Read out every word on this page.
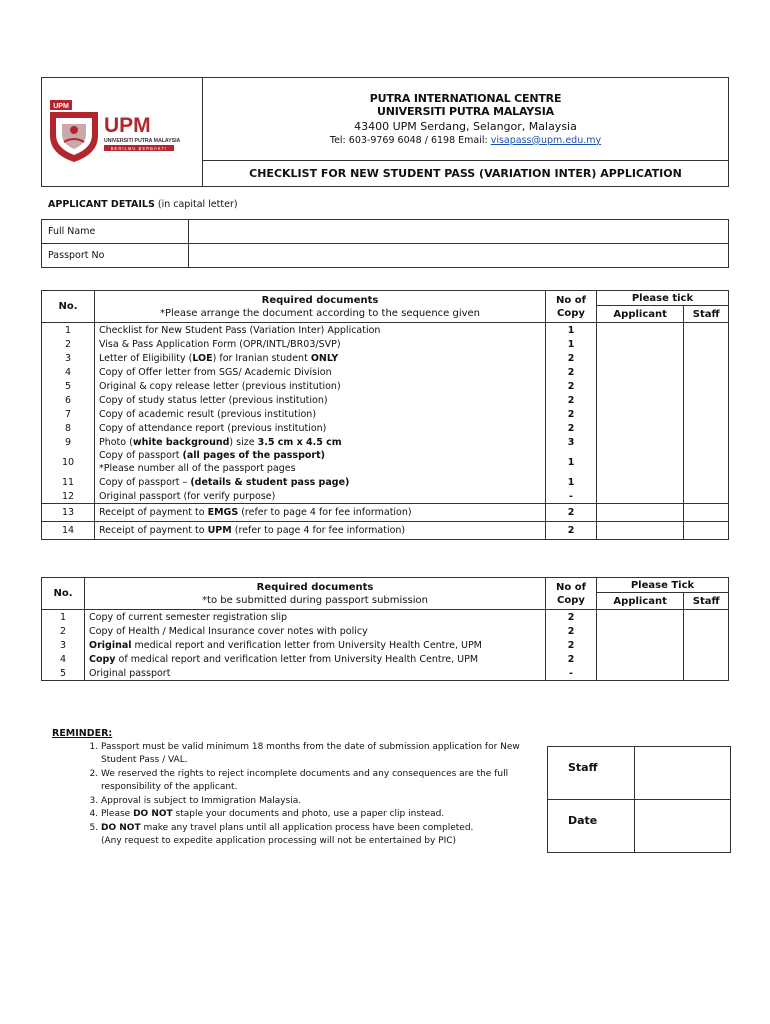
UPM
UPM
UNIVERSITI PUTRA MALAYSIA
BERILMU BERBAKTI

PUTRA INTERNATIONAL CENTRE
UNIVERSITI PUTRA MALAYSIA
43400 UPM Serdang, Selangor, Malaysia
Tel: 603-9769 6048 / 6198 Email: visapass@upm.edu.my

CHECKLIST FOR NEW STUDENT PASS (VARIATION INTER) APPLICATION
APPLICANT DETAILS (in capital letter)
Full Name	
Passport No	
No.	Required documents
*Please arrange the document according to the sequence given	No of Copy	Please tick	
			Applicant	Staff
1	Checklist for New Student Pass (Variation Inter) Application	1		
2	Visa & Pass Application Form (OPR/INTL/BR03/SVP)	1		
3	Letter of Eligibility (LOE) for Iranian student ONLY	2		
4	Copy of Offer letter from SGS/ Academic Division	2		
5	Original & copy release letter (previous institution)	2		
6	Copy of study status letter (previous institution)	2		
7	Copy of academic result (previous institution)	2		
8	Copy of attendance report (previous institution)	2		
9	Photo (white background) size 3.5 cm x 4.5 cm	3		
10	Copy of passport (all pages of the passport)
*Please number all of the passport pages	1		
11	Copy of passport – (details & student pass page)	1		
12	Original passport (for verify purpose)	-		
13	Receipt of payment to EMGS (refer to page 4 for fee information)	2		
14	Receipt of payment to UPM (refer to page 4 for fee information)	2		
No.	Required documents
*to be submitted during passport submission	No of Copy	Please Tick	
			Applicant	Staff
1	Copy of current semester registration slip	2		
2	Copy of Health / Medical Insurance cover notes with policy	2		
3	Original medical report and verification letter from University Health Centre, UPM	2		
4	Copy of medical report and verification letter from University Health Centre, UPM	2		
5	Original passport	-		
REMINDER:
1. Passport must be valid minimum 18 months from the date of submission application for New Student Pass / VAL.
2. We reserved the rights to reject incomplete documents and any consequences are the full responsibility of the applicant.
3. Approval is subject to Immigration Malaysia.
4. Please DO NOT staple your documents and photo, use a paper clip instead.
5. DO NOT make any travel plans until all application process have been completed.
(Any request to expedite application processing will not be entertained by PIC)
Staff	
Date	
